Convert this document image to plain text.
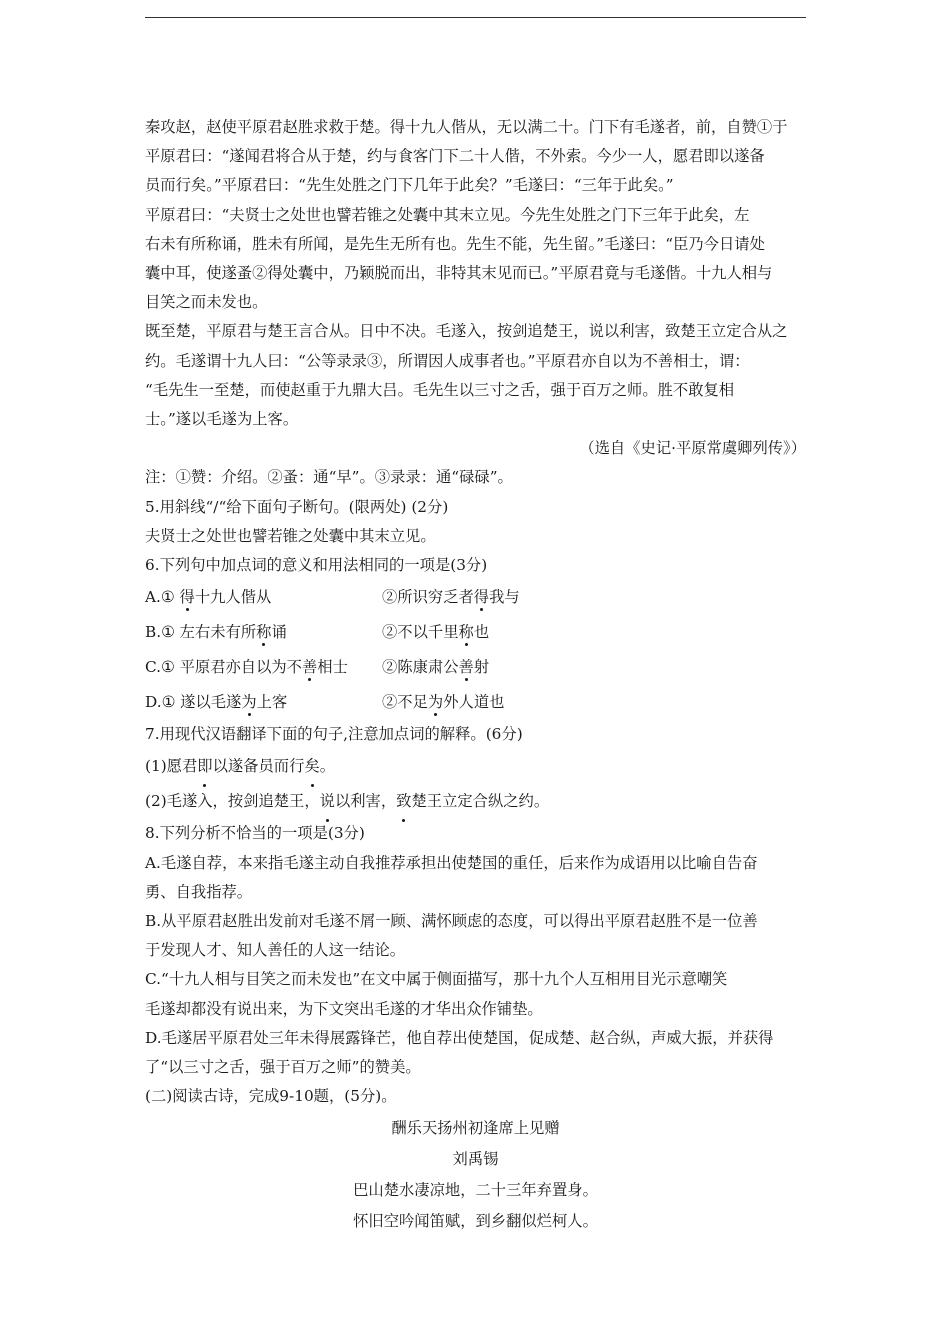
秦攻赵，赵使平原君赵胜求救于楚。得十九人偕从，无以满二十。门下有毛遂者，前，自赞①于
平原君曰：“遂闻君将合从于楚，约与食客门下二十人偕，不外索。今少一人，愿君即以遂备
员而行矣。”平原君曰：“先生处胜之门下几年于此矣？”毛遂曰：“三年于此矣。”
平原君曰：“夫贤士之处世也譬若锥之处囊中其末立见。今先生处胜之门下三年于此矣，左
右未有所称诵，胜未有所闻，是先生无所有也。先生不能，先生留。”毛遂曰：“臣乃今日请处
囊中耳，使遂蚤②得处囊中，乃颖脱而出，非特其末见而已。”平原君竟与毛遂偕。十九人相与
目笑之而未发也。
既至楚，平原君与楚王言合从。日中不决。毛遂入，按剑追楚王，说以利害，致楚王立定合从之
约。毛遂谓十九人曰：“公等录录③，所谓因人成事者也。”平原君亦自以为不善相士，谓：
“毛先生一至楚，而使赵重于九鼎大吕。毛先生以三寸之舌，强于百万之师。胜不敢复相
士。”遂以毛遂为上客。
（选自《史记·平原常虞卿列传》）
注：①赞：介绍。②蚤：通“早”。③录录：通“碌碌”。
5.用斜线“/“给下面句子断句。(限两处) (2分)
夫贤士之处世也譬若锥之处囊中其末立见。
6.下列句中加点词的意义和用法相同的一项是(3分)
A.① 得十九人偕从	②所识穷乏者得我与
B.① 左右未有所称诵	②不以千里称也
C.① 平原君亦自以为不善相士	②陈康肃公善射
D.① 遂以毛遂为上客	②不足为外人道也
7.用现代汉语翻译下面的句子,注意加点词的解释。(6分)
(1)愿君 即 以遂备员而行 矣 。
(2)毛遂入，按剑追楚王， 说 以利害， 致 楚王立定合纵之约。
8.下列分析不恰当的一项是(3分)
A.毛遂自荐，本来指毛遂主动自我推荐承担出使楚国的重任，后来作为成语用以比喻自告奋
勇、自我指荐。
B.从平原君赵胜出发前对毛遂不屑一顾、满怀顾虑的态度，可以得出平原君赵胜不是一位善
于发现人才、知人善任的人这一结论。
C.“十九人相与目笑之而未发也”在文中属于侧面描写，那十九个人互相用目光示意嘲笑
毛遂却都没有说出来，为下文突出毛遂的才华出众作铺垫。
D.毛遂居平原君处三年未得展露锋芒，他自荐出使楚国，促成楚、赵合纵，声威大振，并获得
了“以三寸之舌，强于百万之师”的赞美。
(二)阅读古诗，完成9-10题，(5分)。
酬乐天扬州初逢席上见赠
刘禹锡
巴山楚水凄凉地，二十三年弃置身。
怀旧空吟闻笛赋，到乡翻似烂柯人。
